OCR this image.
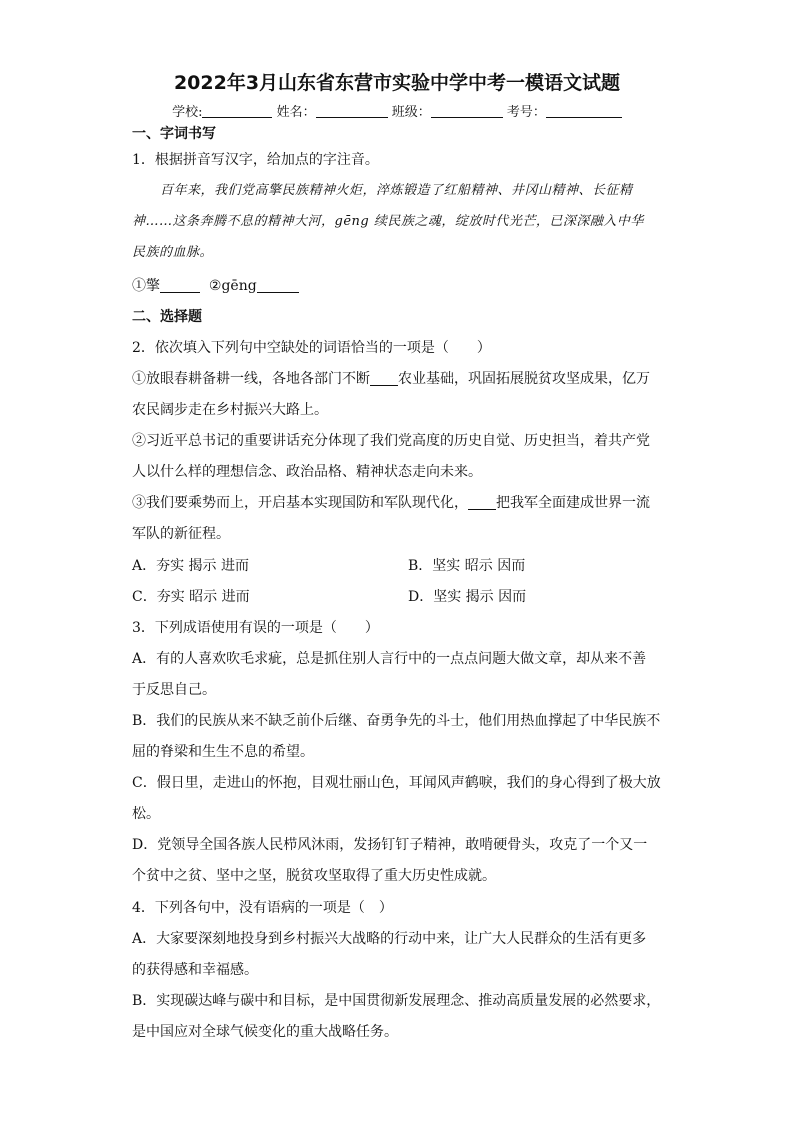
2022年3月山东省东营市实验中学中考一模语文试题
学校:	姓名：	班级：	考号：
一、字词书写
1．根据拼音写汉字，给加点的字注音。
百年来，我们党高擎民族精神火炬，淬炼锻造了红船精神、井冈山精神、长征精
神……这条奔腾不息的精神大河，gēng 续民族之魂，绽放时代光芒，已深深融入中华
民族的血脉。
①擎	②gēng
二、选择题
2．依次填入下列句中空缺处的词语恰当的一项是（　　）
①放眼春耕备耕一线，各地各部门不断 农业基础，巩固拓展脱贫攻坚成果，亿万
农民阔步走在乡村振兴大路上。
②习近平总书记的重要讲话充分体现了我们党高度的历史自觉、历史担当，着共产党
人以什么样的理想信念、政治品格、精神状态走向未来。
③我们要乘势而上，开启基本实现国防和军队现代化， 把我军全面建成世界一流
军队的新征程。
A．夯实 揭示 进而	B．坚实 昭示 因而
C．夯实 昭示 进而	D．坚实 揭示 因而
3．下列成语使用有误的一项是（　　）
A．有的人喜欢吹毛求疵，总是抓住别人言行中的一点点问题大做文章，却从来不善
于反思自己。
B．我们的民族从来不缺乏前仆后继、奋勇争先的斗士，他们用热血撑起了中华民族不
屈的脊梁和生生不息的希望。
C．假日里，走进山的怀抱，目观壮丽山色，耳闻风声鹤唳，我们的身心得到了极大放
松。
D．党领导全国各族人民栉风沐雨，发扬钉钉子精神，敢啃硬骨头，攻克了一个又一
个贫中之贫、坚中之坚，脱贫攻坚取得了重大历史性成就。
4．下列各句中，没有语病的一项是（　）
A．大家要深刻地投身到乡村振兴大战略的行动中来，让广大人民群众的生活有更多
的获得感和幸福感。
B．实现碳达峰与碳中和目标，是中国贯彻新发展理念、推动高质量发展的必然要求，
是中国应对全球气候变化的重大战略任务。
